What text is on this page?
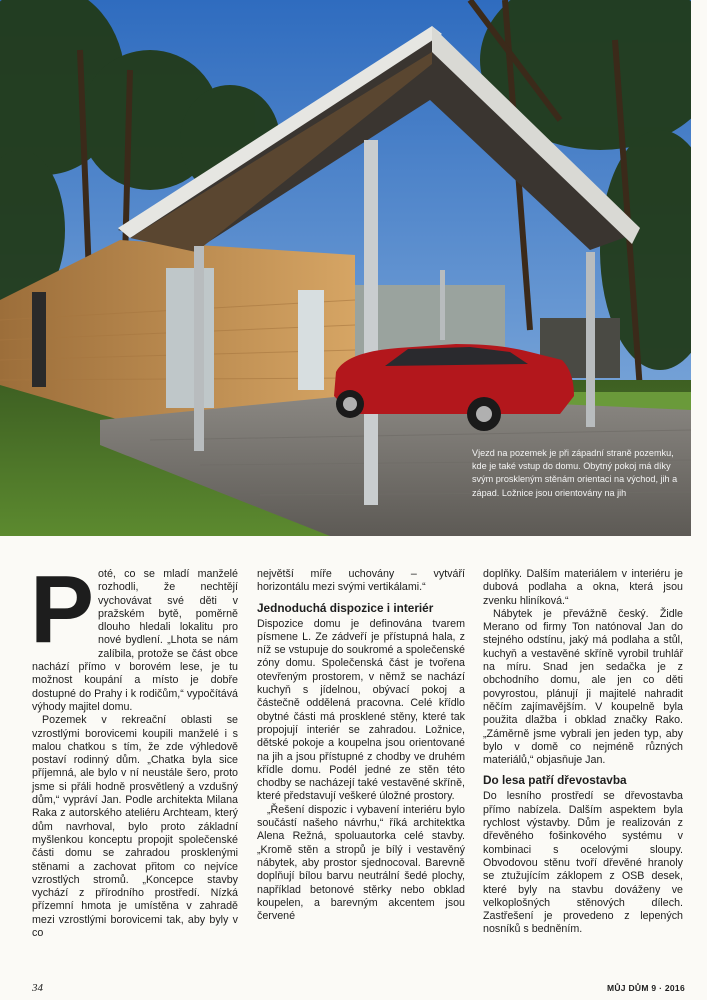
Vjezd na pozemek je při západní straně pozemku, kde je také vstup do domu. Obytný pokoj má díky svým proskleným stěnám orientaci na východ, jih a západ. Ložnice jsou orientovány na jih
P oté, co se mladí manželé rozhodli, že nechtějí vychovávat své děti v pražském bytě, poměrně dlouho hledali lokalitu pro nové bydlení. „Lhota se nám zalíbila, protože se část obce nachází přímo v borovém lese, je tu možnost koupání a místo je dobře dostupné do Prahy i k rodičům,“ vypočítává výhody majitel domu.

Pozemek v rekreační oblasti se vzrostlými borovicemi koupili manželé i s malou chatkou s tím, že zde výhledově postaví rodinný dům. „Chatka byla sice příjemná, ale bylo v ní neustále šero, proto jsme si přáli hodně prosvětlený a vzdušný dům,“ vypráví Jan. Podle architekta Milana Raka z autorského ateliéru Archteam, který dům navrhoval, bylo proto základní myšlenkou konceptu propojit společenské části domu se zahradou prosklenými stěnami a zachovat přitom co nejvíce vzrostlých stromů. „Koncepce stavby vychází z přírodního prostředí. Nízká přízemní hmota je umístěna v zahradě mezi vzrostlými borovicemi tak, aby byly v co

největší míře uchovány – vytváří horizontálu mezi svými vertikálami.“

Jednoduchá dispozice i interiér

Dispozice domu je definována tvarem písmene L. Ze zádveří je přístupná hala, z níž se vstupuje do soukromé a společenské zóny domu. Společenská část je tvořena otevřeným prostorem, v němž se nachází kuchyň s jídelnou, obývací pokoj a částečně oddělená pracovna. Celé křídlo obytné části má prosklené stěny, které tak propojují interiér se zahradou. Ložnice, dětské pokoje a koupelna jsou orientované na jih a jsou přístupné z chodby ve druhém křídle domu. Podél jedné ze stěn této chodby se nacházejí také vestavěné skříně, které představují veškeré úložné prostory.

„Řešení dispozic i vybavení interiéru bylo součástí našeho návrhu,“ říká architektka Alena Režná, spoluautorka celé stavby. „Kromě stěn a stropů je bílý i vestavěný nábytek, aby prostor sjednocoval. Barevně doplňují bílou barvu neutrální šedé plochy, například betonové stěrky nebo obklad koupelen, a barevným akcentem jsou červené

doplňky. Dalším materiálem v interiéru je dubová podlaha a okna, která jsou zvenku hliníková.“

Nábytek je převážně český. Židle Merano od firmy Ton natónoval Jan do stejného odstínu, jaký má podlaha a stůl, kuchyň a vestavěné skříně vyrobil truhlář na míru. Snad jen sedačka je z obchodního domu, ale jen co děti povyrostou, plánují ji majitelé nahradit něčím zajímavějším. V koupelně byla použita dlažba i obklad značky Rako. „Záměrně jsme vybrali jen jeden typ, aby bylo v domě co nejméně různých materiálů,“ objasňuje Jan.

Do lesa patří dřevostavba

Do lesního prostředí se dřevostavba přímo nabízela. Dalším aspektem byla rychlost výstavby. Dům je realizován z dřevěného fošinkového systému v kombinaci s ocelovými sloupy. Obvodovou stěnu tvoří dřevěné hranoly se ztužujícím záklopem z OSB desek, které byly na stavbu dováženy ve velkoplošných stěnových dílech. Zastřešení je provedeno z lepených nosníků s bedněním.

34	MŮJ DŮM 9 · 2016
